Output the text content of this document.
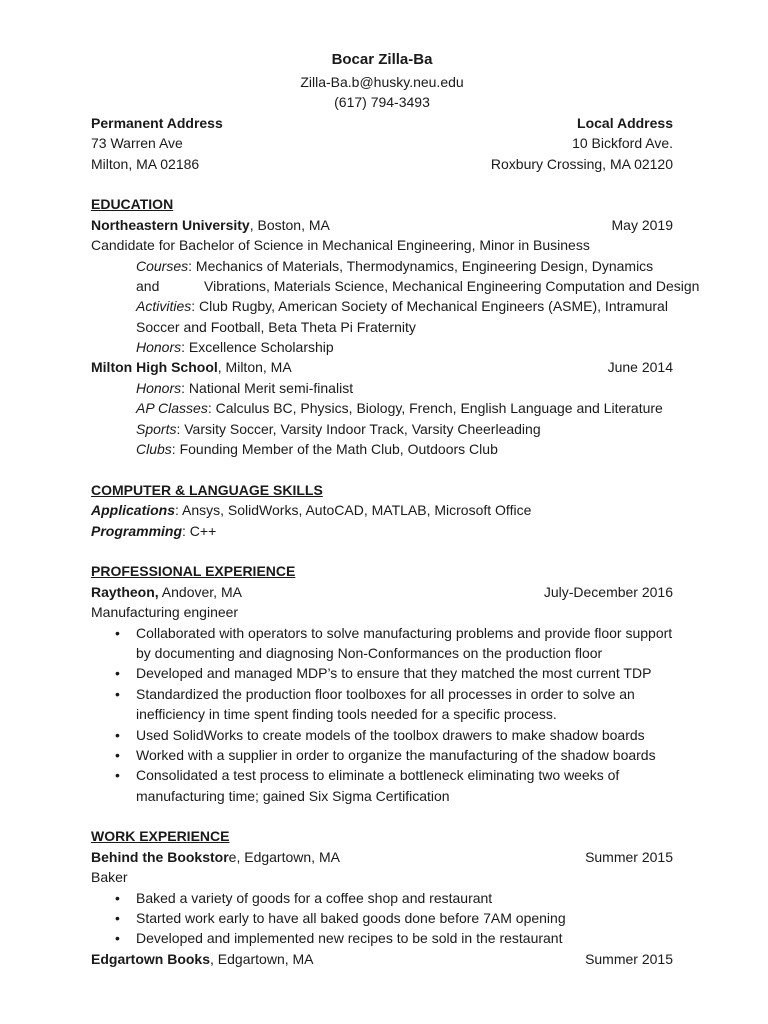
Bocar Zilla-Ba
Zilla-Ba.b@husky.neu.edu
(617) 794-3493
Permanent Address	Local Address
73 Warren Ave	10 Bickford Ave.
Milton, MA 02186	Roxbury Crossing, MA 02120
EDUCATION
Northeastern University, Boston, MA	May 2019
Candidate for Bachelor of Science in Mechanical Engineering, Minor in Business
Courses: Mechanics of Materials, Thermodynamics, Engineering Design, Dynamics and	Vibrations, Materials Science, Mechanical Engineering Computation and Design
Activities: Club Rugby, American Society of Mechanical Engineers (ASME), Intramural
Soccer and Football, Beta Theta Pi Fraternity
Honors: Excellence Scholarship
Milton High School, Milton, MA	June 2014
Honors: National Merit semi-finalist
AP Classes: Calculus BC, Physics, Biology, French, English Language and Literature
Sports: Varsity Soccer, Varsity Indoor Track, Varsity Cheerleading
Clubs: Founding Member of the Math Club, Outdoors Club
COMPUTER & LANGUAGE SKILLS
Applications: Ansys, SolidWorks, AutoCAD, MATLAB, Microsoft Office
Programming: C++
PROFESSIONAL EXPERIENCE
Raytheon, Andover, MA	July-December 2016
Manufacturing engineer
• Collaborated with operators to solve manufacturing problems and provide floor support
by documenting and diagnosing Non-Conformances on the production floor
• Developed and managed MDP’s to ensure that they matched the most current TDP
• Standardized the production floor toolboxes for all processes in order to solve an
inefficiency in time spent finding tools needed for a specific process.
• Used SolidWorks to create models of the toolbox drawers to make shadow boards
• Worked with a supplier in order to organize the manufacturing of the shadow boards
• Consolidated a test process to eliminate a bottleneck eliminating two weeks of
manufacturing time; gained Six Sigma Certification
WORK EXPERIENCE
Behind the Bookstore, Edgartown, MA	Summer 2015
Baker
• Baked a variety of goods for a coffee shop and restaurant
• Started work early to have all baked goods done before 7AM opening
• Developed and implemented new recipes to be sold in the restaurant
Edgartown Books, Edgartown, MA	Summer 2015
